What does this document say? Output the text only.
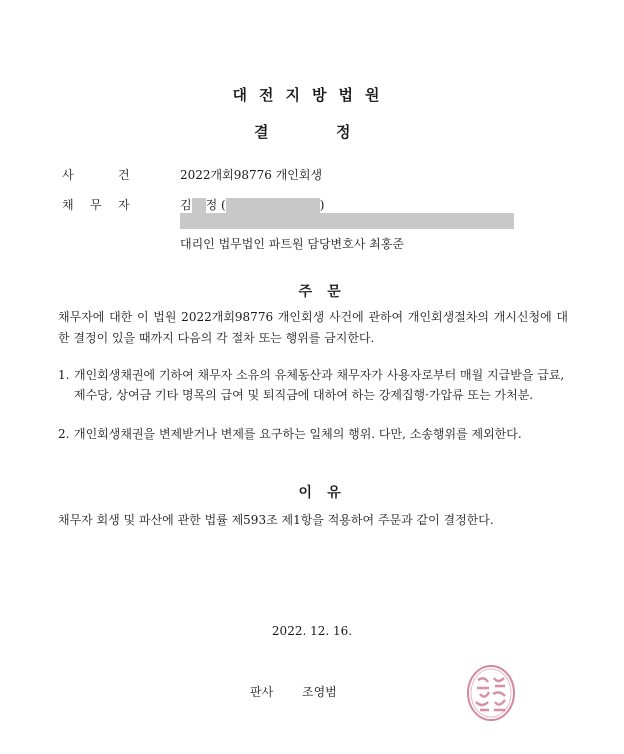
대전지방법원
결	정
사	건	2022개회98776 개인회생
채 무 자	김 정 (	)
대리인 법무법인 파트원 담당변호사 최홍준
주 문
채무자에 대한 이 법원 2022개회98776 개인회생 사건에 관하여 개인회생절차의 개시신청에 대한 결정이 있을 때까지 다음의 각 절차 또는 행위를 금지한다.
1. 개인회생채권에 기하여 채무자 소유의 유체동산과 채무자가 사용자로부터 매월 지급받을 급료, 제수당, 상여금 기타 명목의 급여 및 퇴직금에 대하여 하는 강제집행·가압류 또는 가처분.
2. 개인회생채권을 변제받거나 변제를 요구하는 일체의 행위. 다만, 소송행위를 제외한다.
이 유
채무자 회생 및 파산에 관한 법률 제593조 제1항을 적용하여 주문과 같이 결정한다.
2022. 12. 16.
판사 조영범
